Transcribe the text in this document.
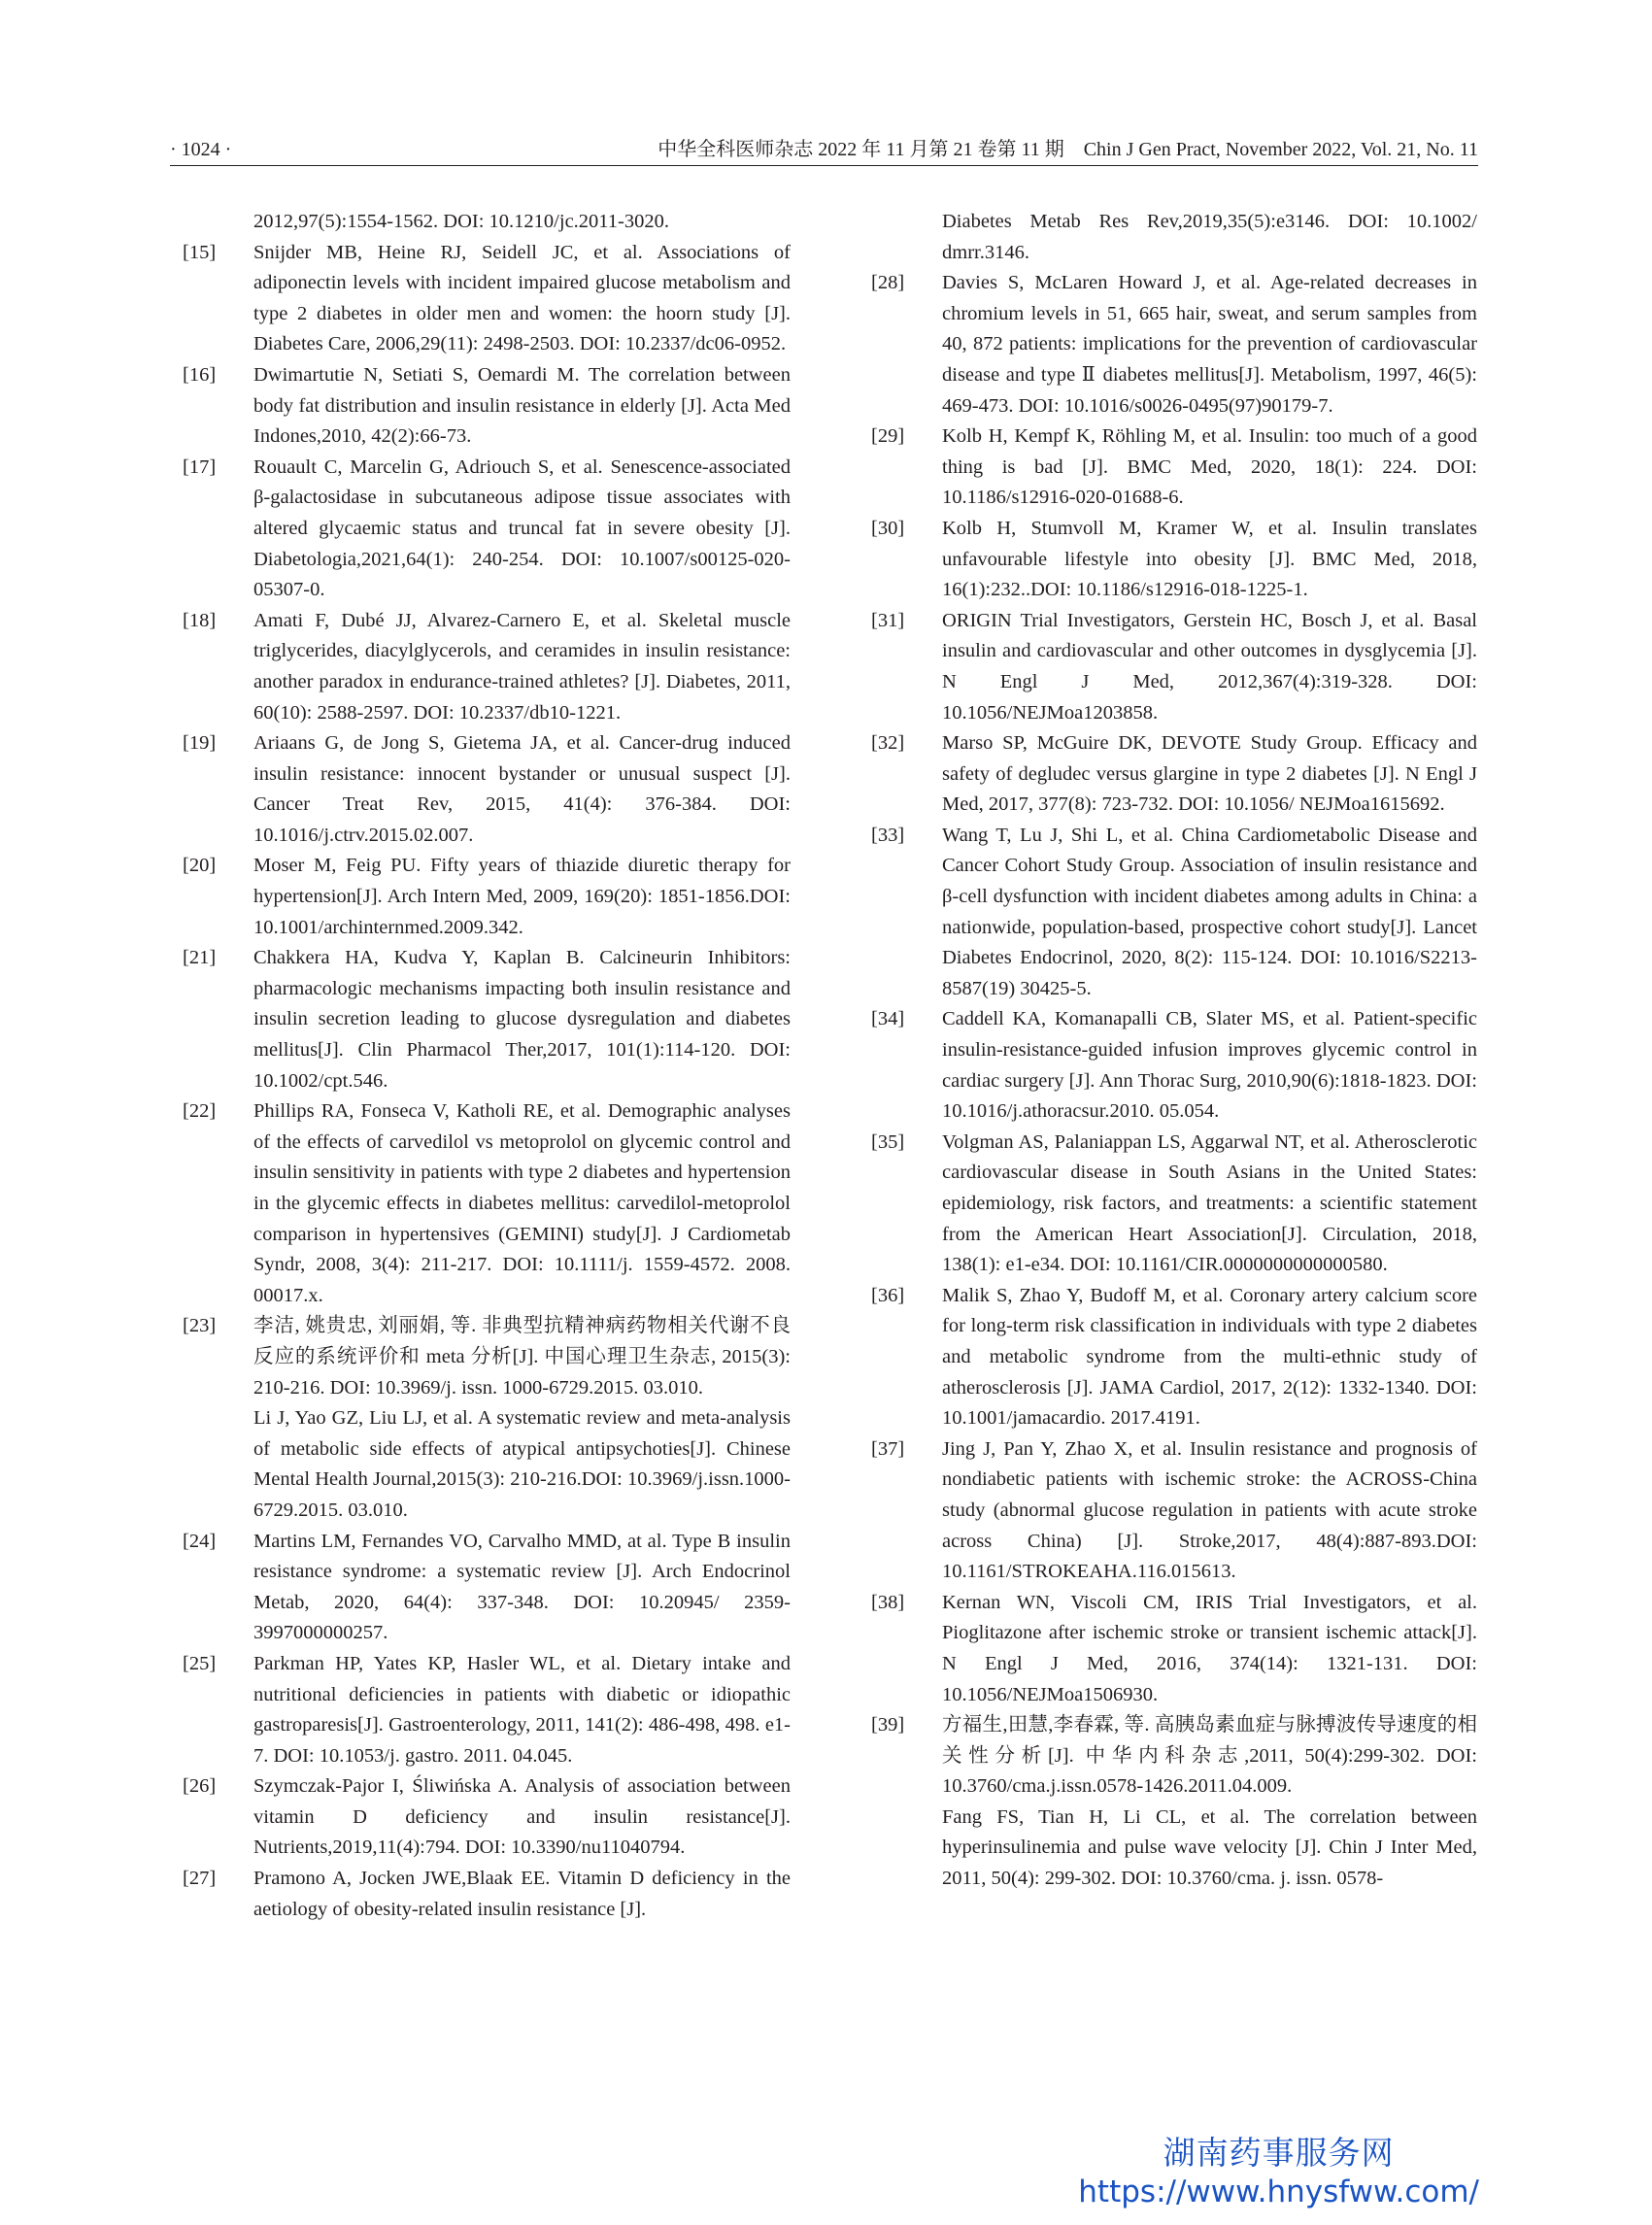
· 1024 ·	中华全科医师杂志 2022 年 11 月第 21 卷第 11 期　Chin J Gen Pract, November 2022, Vol. 21, No. 11
2012,97(5):1554-1562. DOI: 10.1210/jc.2011-3020.
[15] Snijder MB, Heine RJ, Seidell JC, et al. Associations of adiponectin levels with incident impaired glucose metabolism and type 2 diabetes in older men and women: the hoorn study [J]. Diabetes Care, 2006,29(11): 2498-2503. DOI: 10.2337/dc06-0952.
[16] Dwimartutie N, Setiati S, Oemardi M. The correlation between body fat distribution and insulin resistance in elderly [J]. Acta Med Indones,2010, 42(2):66-73.
[17] Rouault C, Marcelin G, Adriouch S, et al. Senescence-associated β-galactosidase in subcutaneous adipose tissue associates with altered glycaemic status and truncal fat in severe obesity [J]. Diabetologia,2021,64(1): 240-254. DOI: 10.1007/s00125-020-05307-0.
[18] Amati F, Dubé JJ, Alvarez-Carnero E, et al. Skeletal muscle triglycerides, diacylglycerols, and ceramides in insulin resistance: another paradox in endurance-trained athletes? [J]. Diabetes, 2011, 60(10): 2588-2597. DOI: 10.2337/db10-1221.
[19] Ariaans G, de Jong S, Gietema JA, et al. Cancer-drug induced insulin resistance: innocent bystander or unusual suspect [J]. Cancer Treat Rev, 2015, 41(4): 376-384. DOI: 10.1016/j.ctrv.2015.02.007.
[20] Moser M, Feig PU. Fifty years of thiazide diuretic therapy for hypertension[J]. Arch Intern Med, 2009, 169(20): 1851-1856.DOI: 10.1001/archinternmed.2009.342.
[21] Chakkera HA, Kudva Y, Kaplan B. Calcineurin Inhibitors: pharmacologic mechanisms impacting both insulin resistance and insulin secretion leading to glucose dysregulation and diabetes mellitus[J]. Clin Pharmacol Ther,2017, 101(1):114-120. DOI: 10.1002/cpt.546.
[22] Phillips RA, Fonseca V, Katholi RE, et al. Demographic analyses of the effects of carvedilol vs metoprolol on glycemic control and insulin sensitivity in patients with type 2 diabetes and hypertension in the glycemic effects in diabetes mellitus: carvedilol-metoprolol comparison in hypertensives (GEMINI) study[J]. J Cardiometab Syndr, 2008, 3(4): 211-217. DOI: 10.1111/j. 1559-4572. 2008. 00017.x.
[23] 李洁, 姚贵忠, 刘丽娟, 等. 非典型抗精神病药物相关代谢不良反应的系统评价和 meta 分析[J]. 中国心理卫生杂志, 2015(3): 210-216. DOI: 10.3969/j. issn. 1000-6729.2015. 03.010.
Li J, Yao GZ, Liu LJ, et al. A systematic review and meta-analysis of metabolic side effects of atypical antipsychoties[J]. Chinese Mental Health Journal,2015(3): 210-216.DOI: 10.3969/j.issn.1000-6729.2015. 03.010.
[24] Martins LM, Fernandes VO, Carvalho MMD, at al. Type B insulin resistance syndrome: a systematic review [J]. Arch Endocrinol Metab, 2020, 64(4): 337-348. DOI: 10.20945/ 2359-3997000000257.
[25] Parkman HP, Yates KP, Hasler WL, et al. Dietary intake and nutritional deficiencies in patients with diabetic or idiopathic gastroparesis[J]. Gastroenterology, 2011, 141(2): 486-498, 498. e1-7. DOI: 10.1053/j. gastro. 2011. 04.045.
[26] Szymczak-Pajor I, Śliwińska A. Analysis of association between vitamin D deficiency and insulin resistance[J]. Nutrients,2019,11(4):794. DOI: 10.3390/nu11040794.
[27] Pramono A, Jocken JWE,Blaak EE. Vitamin D deficiency in the aetiology of obesity-related insulin resistance [J].
Diabetes Metab Res Rev,2019,35(5):e3146. DOI: 10.1002/ dmrr.3146.
[28] Davies S, McLaren Howard J, et al. Age-related decreases in chromium levels in 51, 665 hair, sweat, and serum samples from 40, 872 patients: implications for the prevention of cardiovascular disease and type Ⅱ diabetes mellitus[J]. Metabolism, 1997, 46(5): 469-473. DOI: 10.1016/s0026-0495(97)90179-7.
[29] Kolb H, Kempf K, Röhling M, et al. Insulin: too much of a good thing is bad [J]. BMC Med, 2020, 18(1): 224. DOI: 10.1186/s12916-020-01688-6.
[30] Kolb H, Stumvoll M, Kramer W, et al. Insulin translates unfavourable lifestyle into obesity [J]. BMC Med, 2018, 16(1):232..DOI: 10.1186/s12916-018-1225-1.
[31] ORIGIN Trial Investigators, Gerstein HC, Bosch J, et al. Basal insulin and cardiovascular and other outcomes in dysglycemia [J]. N Engl J Med, 2012,367(4):319-328. DOI: 10.1056/NEJMoa1203858.
[32] Marso SP, McGuire DK, DEVOTE Study Group. Efficacy and safety of degludec versus glargine in type 2 diabetes [J]. N Engl J Med, 2017, 377(8): 723-732. DOI: 10.1056/ NEJMoa1615692.
[33] Wang T, Lu J, Shi L, et al. China Cardiometabolic Disease and Cancer Cohort Study Group. Association of insulin resistance and β-cell dysfunction with incident diabetes among adults in China: a nationwide, population-based, prospective cohort study[J]. Lancet Diabetes Endocrinol, 2020, 8(2): 115-124. DOI: 10.1016/S2213-8587(19) 30425-5.
[34] Caddell KA, Komanapalli CB, Slater MS, et al. Patient-specific insulin-resistance-guided infusion improves glycemic control in cardiac surgery [J]. Ann Thorac Surg, 2010,90(6):1818-1823. DOI: 10.1016/j.athoracsur.2010. 05.054.
[35] Volgman AS, Palaniappan LS, Aggarwal NT, et al. Atherosclerotic cardiovascular disease in South Asians in the United States: epidemiology, risk factors, and treatments: a scientific statement from the American Heart Association[J]. Circulation, 2018, 138(1): e1-e34. DOI: 10.1161/CIR.0000000000000580.
[36] Malik S, Zhao Y, Budoff M, et al. Coronary artery calcium score for long-term risk classification in individuals with type 2 diabetes and metabolic syndrome from the multi-ethnic study of atherosclerosis [J]. JAMA Cardiol, 2017, 2(12): 1332-1340. DOI: 10.1001/jamacardio. 2017.4191.
[37] Jing J, Pan Y, Zhao X, et al. Insulin resistance and prognosis of nondiabetic patients with ischemic stroke: the ACROSS-China study (abnormal glucose regulation in patients with acute stroke across China) [J]. Stroke,2017, 48(4):887-893.DOI: 10.1161/STROKEAHA.116.015613.
[38] Kernan WN, Viscoli CM, IRIS Trial Investigators, et al. Pioglitazone after ischemic stroke or transient ischemic attack[J]. N Engl J Med, 2016, 374(14): 1321-131. DOI: 10.1056/NEJMoa1506930.
[39] 方福生,田慧,李春霖, 等. 高胰岛素血症与脉搏波传导速度的相关性分析[J]. 中华内科杂志,2011, 50(4):299-302. DOI: 10.3760/cma.j.issn.0578-1426.2011.04.009.
Fang FS, Tian H, Li CL, et al. The correlation between hyperinsulinemia and pulse wave velocity [J]. Chin J Inter Med, 2011, 50(4): 299-302. DOI: 10.3760/cma. j. issn. 0578-
湖南药事服务网
https://www.hnysfww.com/
